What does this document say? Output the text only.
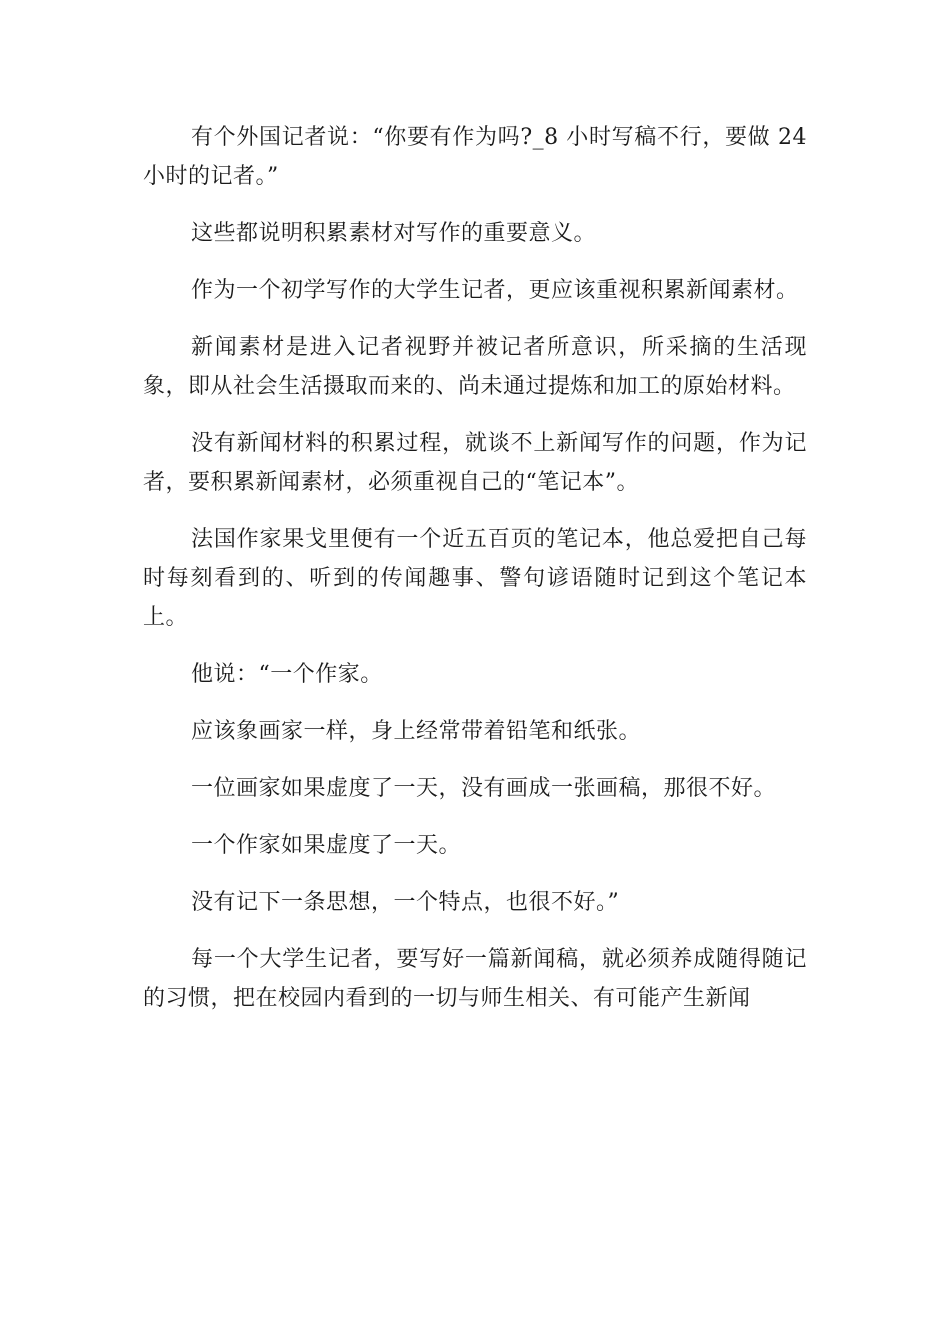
有个外国记者说：“你要有作为吗?_8 小时写稿不行，要做 24 小时的记者。”

这些都说明积累素材对写作的重要意义。

作为一个初学写作的大学生记者，更应该重视积累新闻素材。

新闻素材是进入记者视野并被记者所意识，所采摘的生活现象，即从社会生活摄取而来的、尚未通过提炼和加工的原始材料。

没有新闻材料的积累过程，就谈不上新闻写作的问题，作为记者，要积累新闻素材，必须重视自己的“笔记本”。

法国作家果戈里便有一个近五百页的笔记本，他总爱把自己每时每刻看到的、听到的传闻趣事、警句谚语随时记到这个笔记本上。

他说：“一个作家。

应该象画家一样，身上经常带着铅笔和纸张。

一位画家如果虚度了一天，没有画成一张画稿，那很不好。

一个作家如果虚度了一天。

没有记下一条思想，一个特点，也很不好。”

每一个大学生记者，要写好一篇新闻稿，就必须养成随得随记的习惯，把在校园内看到的一切与师生相关、有可能产生新闻
